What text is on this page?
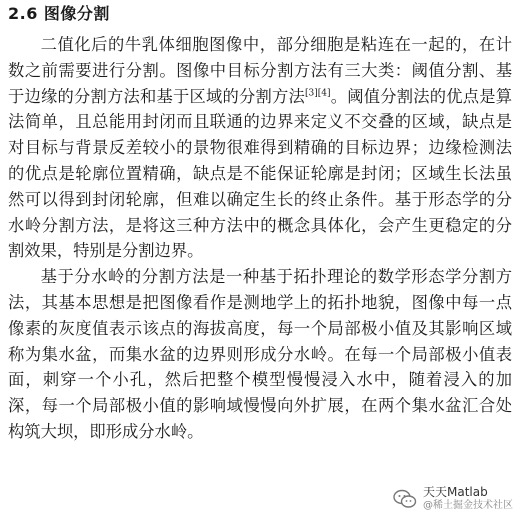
2.6 图像分割

二值化后的牛乳体细胞图像中，部分细胞是粘连在一起的，在计数之前需要进行分割。图像中目标分割方法有三大类：阈值分割、基于边缘的分割方法和基于区域的分割方法[3][4]。阈值分割法的优点是算法简单，且总能用封闭而且联通的边界来定义不交叠的区域，缺点是对目标与背景反差较小的景物很难得到精确的目标边界；边缘检测法的优点是轮廓位置精确，缺点是不能保证轮廓是封闭；区域生长法虽然可以得到封闭轮廓，但难以确定生长的终止条件。基于形态学的分水岭分割方法，是将这三种方法中的概念具体化，会产生更稳定的分割效果，特别是分割边界。

基于分水岭的分割方法是一种基于拓扑理论的数学形态学分割方法，其基本思想是把图像看作是测地学上的拓扑地貌，图像中每一点像素的灰度值表示该点的海拔高度，每一个局部极小值及其影响区域称为集水盆，而集水盆的边界则形成分水岭。在每一个局部极小值表面，刺穿一个小孔，然后把整个模型慢慢浸入水中，随着浸入的加深，每一个局部极小值的影响域慢慢向外扩展，在两个集水盆汇合处构筑大坝，即形成分水岭。

天天Matlab
@稀土掘金技术社区
